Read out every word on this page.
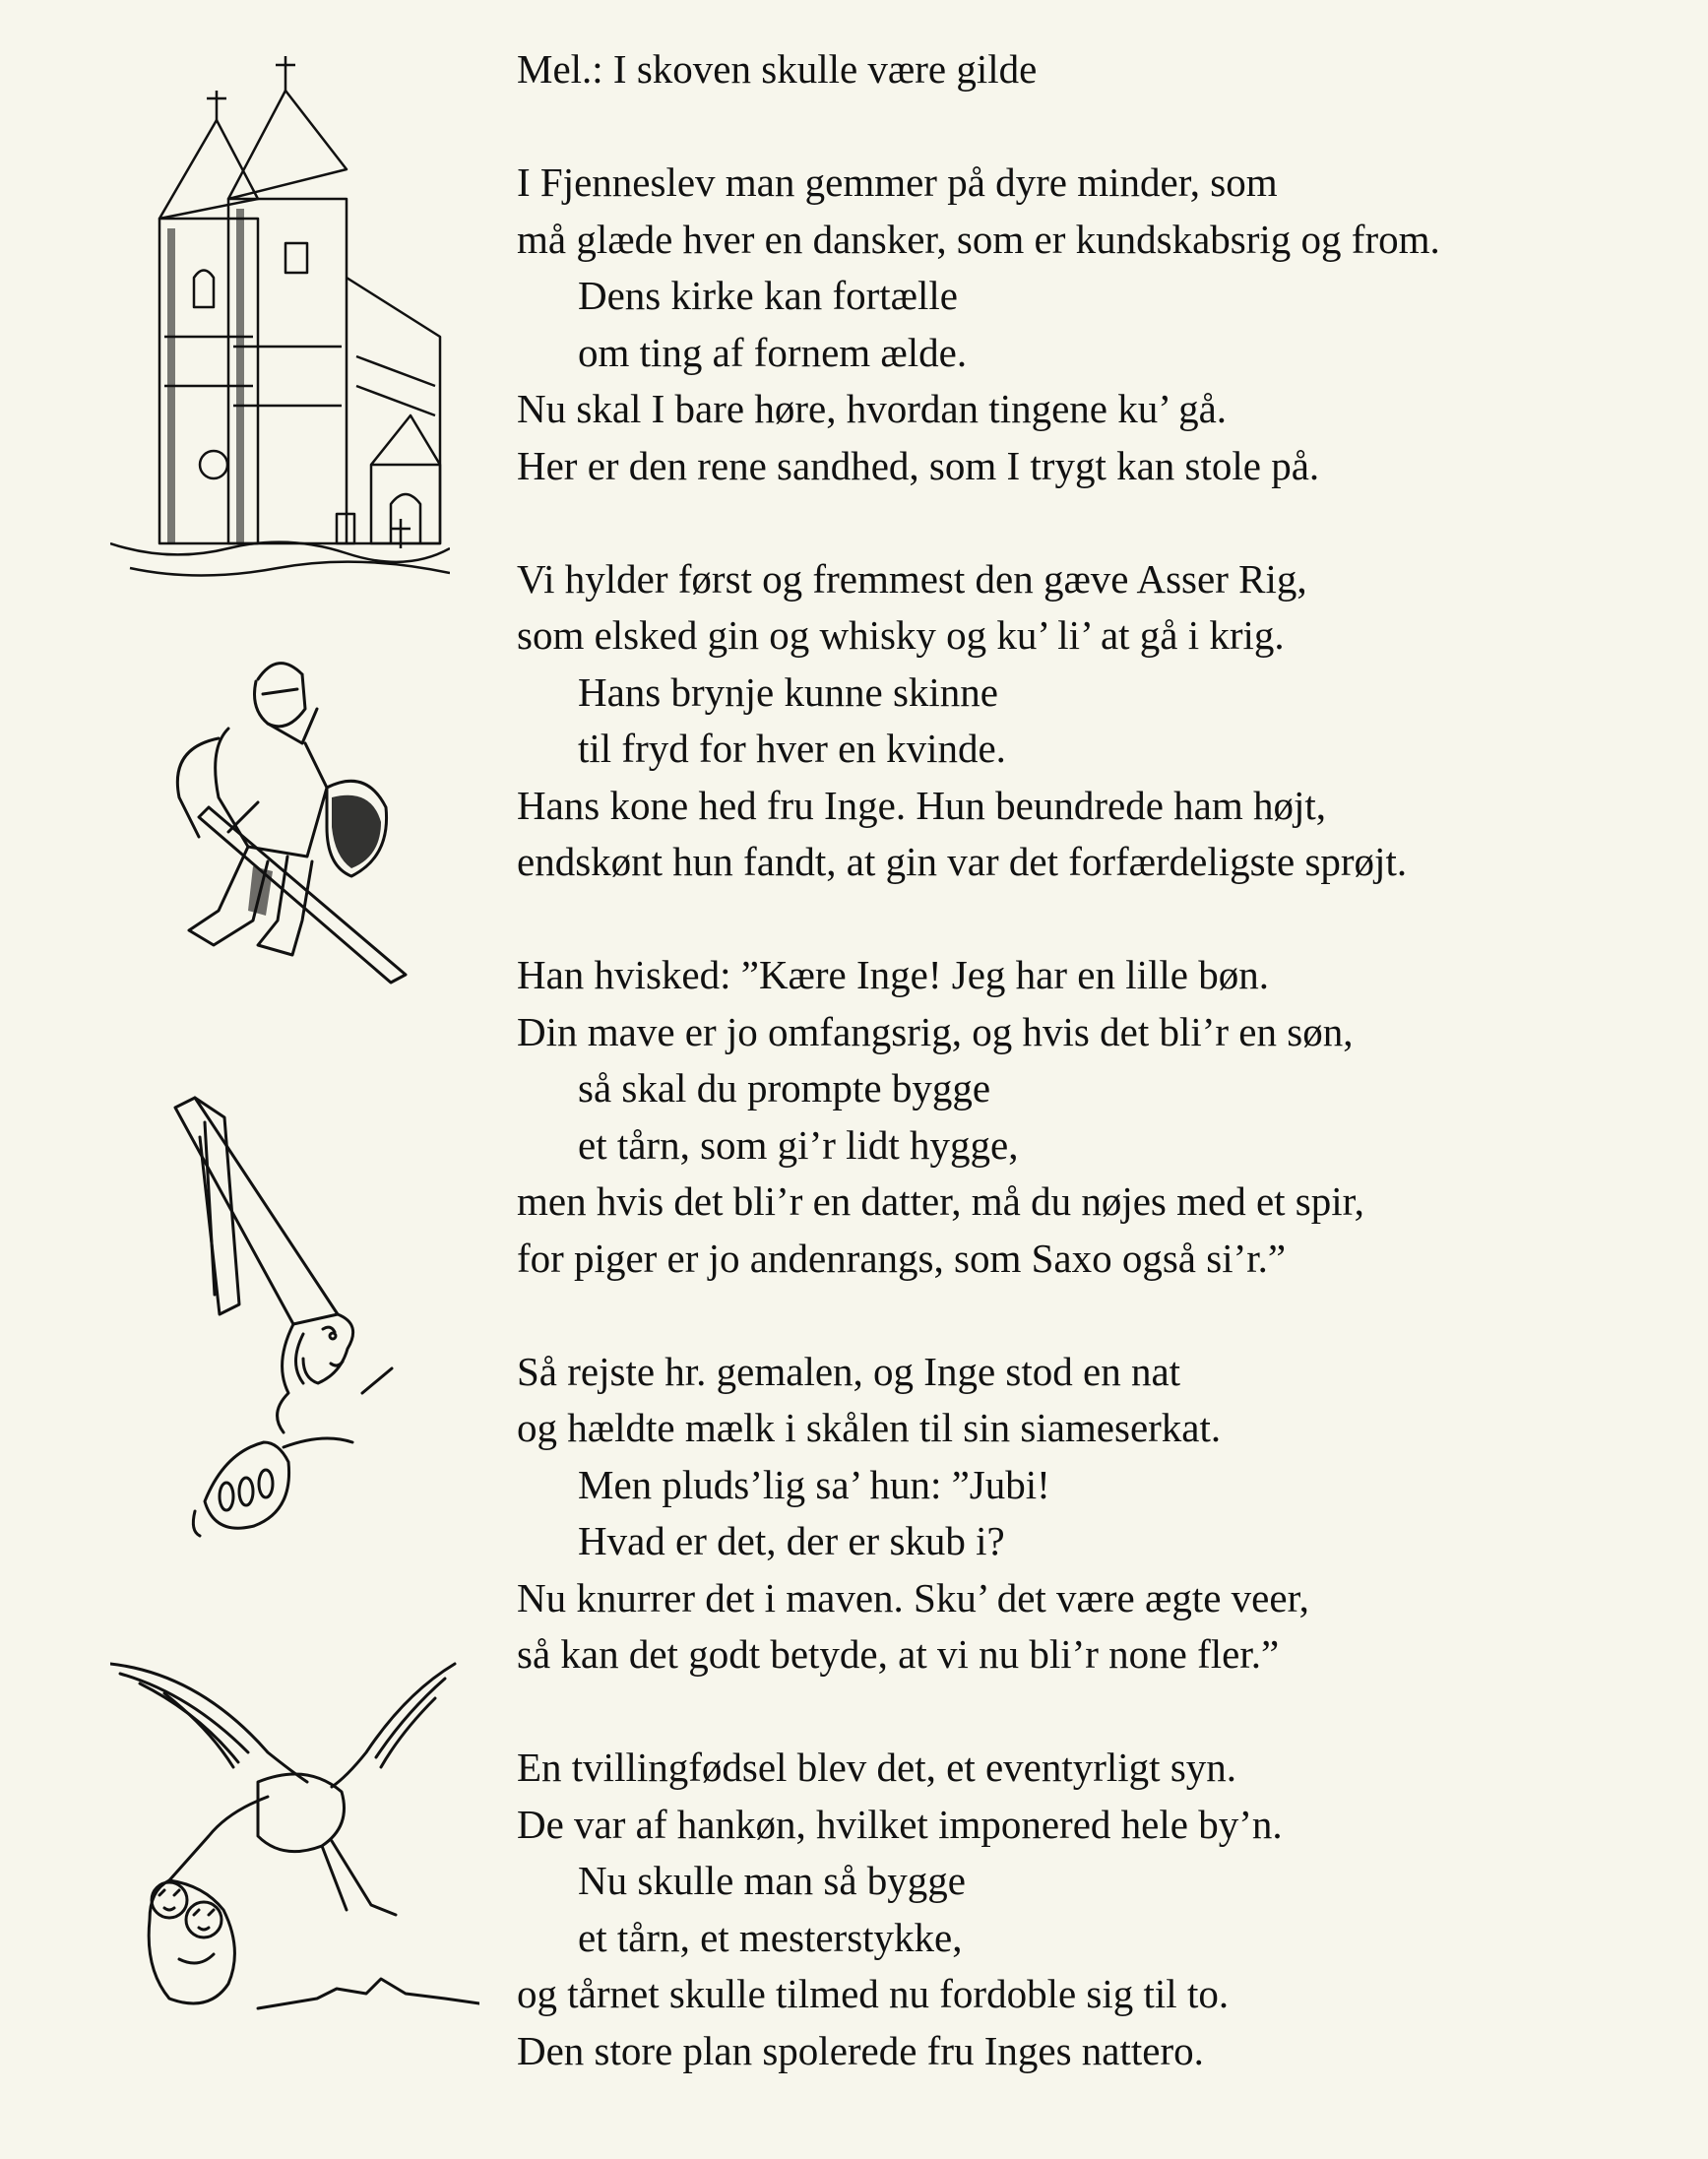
Mel.: I skoven skulle være gilde
I Fjenneslev man gemmer på dyre minder, som
må glæde hver en dansker, som er kundskabsrig og from.
Dens kirke kan fortælle
om ting af fornem ælde.
Nu skal I bare høre, hvordan tingene ku’ gå.
Her er den rene sandhed, som I trygt kan stole på.
Vi hylder først og fremmest den gæve Asser Rig,
som elsked gin og whisky og ku’ li’ at gå i krig.
Hans brynje kunne skinne
til fryd for hver en kvinde.
Hans kone hed fru Inge. Hun beundrede ham højt,
endskønt hun fandt, at gin var det forfærdeligste sprøjt.
Han hvisked: ”Kære Inge! Jeg har en lille bøn.
Din mave er jo omfangsrig, og hvis det bli’r en søn,
så skal du prompte bygge
et tårn, som gi’r lidt hygge,
men hvis det bli’r en datter, må du nøjes med et spir,
for piger er jo andenrangs, som Saxo også si’r.”
Så rejste hr. gemalen, og Inge stod en nat
og hældte mælk i skålen til sin siameserkat.
Men pluds’lig sa’ hun: ”Jubi!
Hvad er det, der er skub i?
Nu knurrer det i maven. Sku’ det være ægte veer,
så kan det godt betyde, at vi nu bli’r none fler.”
En tvillingfødsel blev det, et eventyrligt syn.
De var af hankøn, hvilket imponered hele by’n.
Nu skulle man så bygge
et tårn, et mesterstykke,
og tårnet skulle tilmed nu fordoble sig til to.
Den store plan spolerede fru Inges nattero.
